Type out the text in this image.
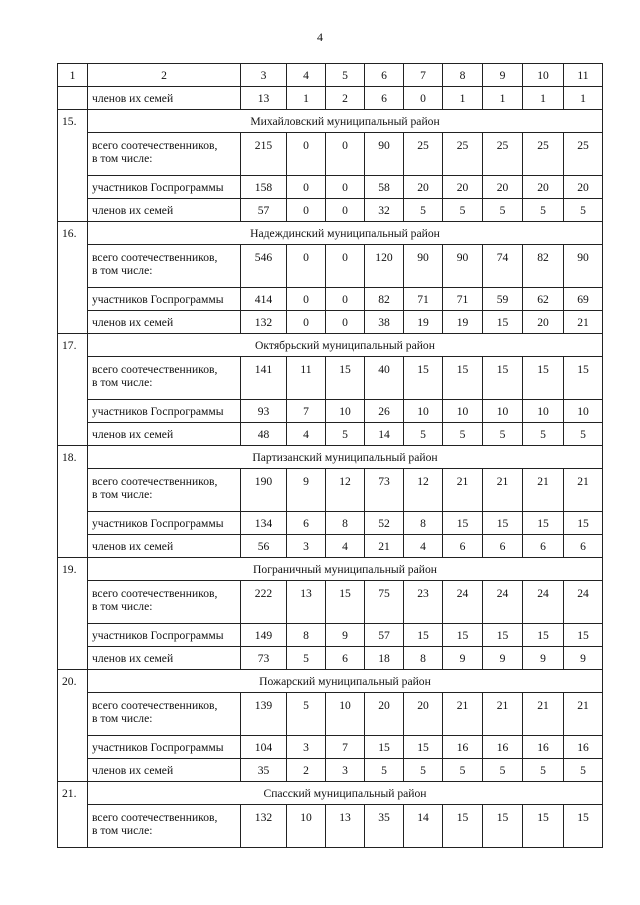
4
1	2	3	4	5	6	7	8	9	10	11
	членов их семей	13	1	2	6	0	1	1	1	1
15.	Михайловский муниципальный район									
	всего соотечественников,
в том числе:	215	0	0	90	25	25	25	25	25
	участников Госпрограммы	158	0	0	58	20	20	20	20	20
	членов их семей	57	0	0	32	5	5	5	5	5
16.	Надеждинский муниципальный район									
	всего соотечественников,
в том числе:	546	0	0	120	90	90	74	82	90
	участников Госпрограммы	414	0	0	82	71	71	59	62	69
	членов их семей	132	0	0	38	19	19	15	20	21
17.	Октябрьский муниципальный район									
	всего соотечественников,
в том числе:	141	11	15	40	15	15	15	15	15
	участников Госпрограммы	93	7	10	26	10	10	10	10	10
	членов их семей	48	4	5	14	5	5	5	5	5
18.	Партизанский муниципальный район									
	всего соотечественников,
в том числе:	190	9	12	73	12	21	21	21	21
	участников Госпрограммы	134	6	8	52	8	15	15	15	15
	членов их семей	56	3	4	21	4	6	6	6	6
19.	Пограничный муниципальный район									
	всего соотечественников,
в том числе:	222	13	15	75	23	24	24	24	24
	участников Госпрограммы	149	8	9	57	15	15	15	15	15
	членов их семей	73	5	6	18	8	9	9	9	9
20.	Пожарский муниципальный район									
	всего соотечественников,
в том числе:	139	5	10	20	20	21	21	21	21
	участников Госпрограммы	104	3	7	15	15	16	16	16	16
	членов их семей	35	2	3	5	5	5	5	5	5
21.	Спасский муниципальный район									
	всего соотечественников,
в том числе:	132	10	13	35	14	15	15	15	15
